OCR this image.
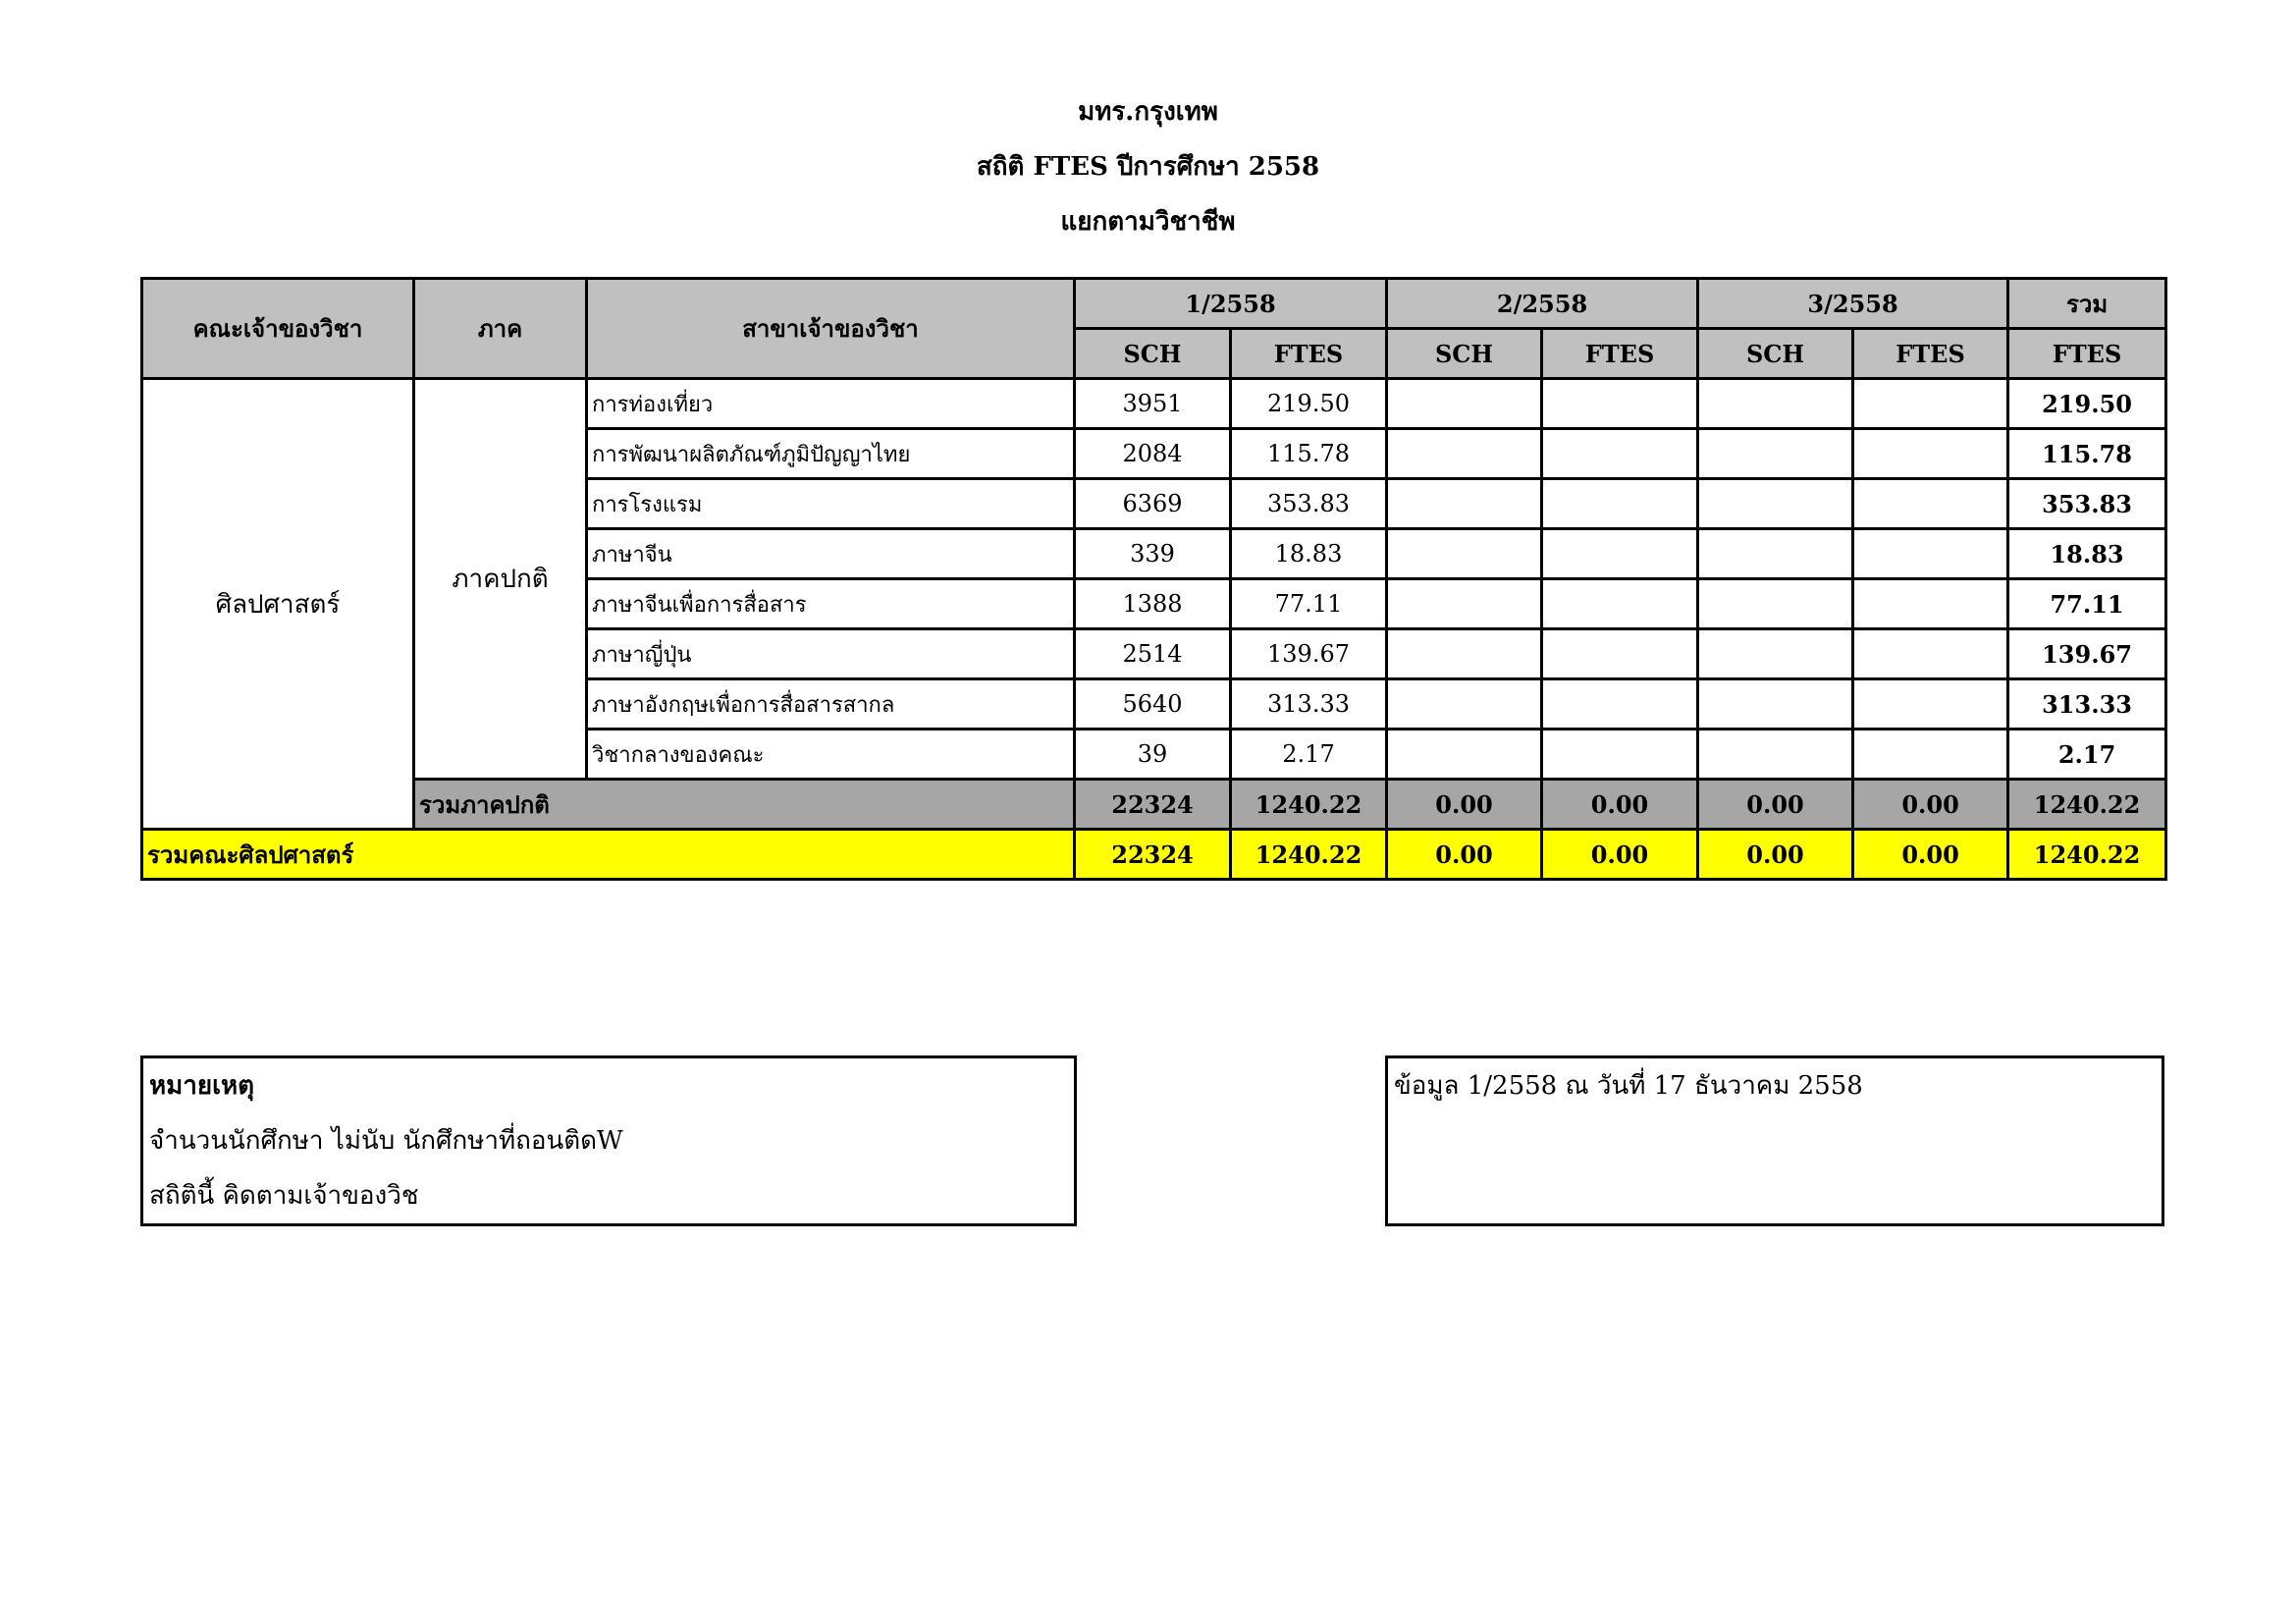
มทร.กรุงเทพ
สถิติ FTES ปีการศึกษา 2558
แยกตามวิชาชีพ
คณะเจ้าของวิชา	ภาค	สาขาเจ้าของวิชา	1/2558		2/2558		3/2558		รวม
			SCH	FTES	SCH	FTES	SCH	FTES	FTES
ศิลปศาสตร์	ภาคปกติ	การท่องเที่ยว	3951	219.50					219.50
		การพัฒนาผลิตภัณฑ์ภูมิปัญญาไทย	2084	115.78					115.78
		การโรงแรม	6369	353.83					353.83
		ภาษาจีน	339	18.83					18.83
		ภาษาจีนเพื่อการสื่อสาร	1388	77.11					77.11
		ภาษาญี่ปุ่น	2514	139.67					139.67
		ภาษาอังกฤษเพื่อการสื่อสารสากล	5640	313.33					313.33
		วิชากลางของคณะ	39	2.17					2.17
	รวมภาคปกติ		22324	1240.22	0.00	0.00	0.00	0.00	1240.22
รวมคณะศิลปศาสตร์			22324	1240.22	0.00	0.00	0.00	0.00	1240.22
หมายเหตุ
จำนวนนักศึกษา ไม่นับ นักศึกษาที่ถอนติดW
สถิตินี้ คิดตามเจ้าของวิช
ข้อมูล 1/2558 ณ วันที่ 17 ธันวาคม 2558
